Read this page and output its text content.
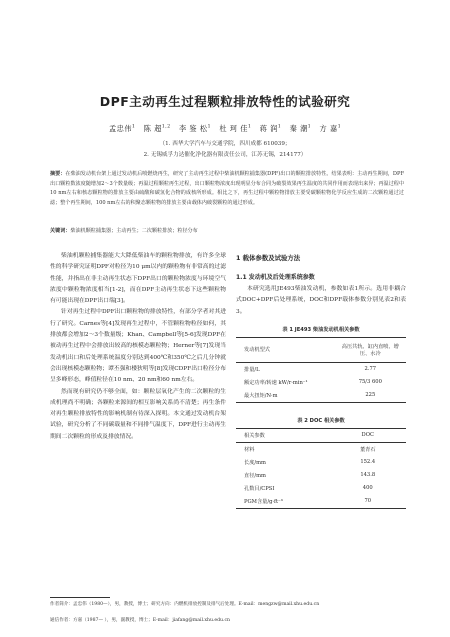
DPF主动再生过程颗粒排放特性的试验研究
孟忠伟$^1$ 陈 超$^{1,2}$ 李 鉴 松$^1$ 杜 珂 佳$^1$ 蒋 润$^1$ 秦 潮$^1$ 方 嘉$^1$
（1. 西华大学汽车与交通学院，四川成都 610039；
2. 无锡威孚力达催化净化器有限责任公司，江苏无锡，214177）
摘要：在柴油发动机台架上通过发动机后喷燃烧再生，研究了主动再生过程中柴油机颗粒捕集器(DPF)出口的颗粒排放特性。结果表明：主动再生期间，DPF出口颗粒数浓度随增加2～3个数量级；再温过程颗粒再生过程，出口颗粒物浓度出现明显分布合同为破裂效果再生温度的共同作用而表现出来异；再温过程中10 nm左右和核态颗粒物的排放主要由硫酸和碳氢化合物的成核所形成。相比之下，再生过程中颗粒物排放主要受碳颗粒物化学反应生成的二次颗粒通过过滤；整个再生期间，100 nm左右的积聚态颗粒物的排放主要由载体内破裂颗粒的通过形成。
关键词：柴油机颗粒捕集器；主动再生；二次颗粒排放；粒径分布

柴油机颗粒捕集器能大大降低柴油车的颗粒物排放，有许多全球性的科学研究证明DPF对粒径为10 μm以内的颗粒物有非常高的过滤性能，并指出在非主动再生状态下DPF出口的颗粒物浓度与环境空气浓度中颗粒物浓度相当[1-2]，而在DPF主动再生状态下这些颗粒物有可能出现在DPF出口端[3]。

针对再生过程中DPF出口颗粒物的排放特性，有部分学者对其进行了研究。Carnes等[4]发现再生过程中，不管颗粒物粒径如何，其排放都会增加2～3个数量级；Khan、Campbell等[5-6]发现DPF在被动再生过程中会排放出较高的核模态颗粒物；Herner等[7]发现当发动机出口和后处理系统温度分别达到400℃和350℃之后几分钟就会出现核模态颗粒物；谭丕强和楼狄明等[8]发现CDPF出口粒径分布呈多峰形态，峰值粒径在10 nm、20 nm和60 nm左右。

然而现有研究仍不够全面，如：颗粒层氧化产生的二次颗粒的生成机理尚不明确；各颗粒来源间的相互影响关系尚不清楚；再生条件对再生颗粒排放特性的影响机制有待深入探明。本文通过发动机台架试验，研究分析了不同碳载量和不同排气温度下，DPF进行主动再生期间二次颗粒的形成及排放情况。

1 载体参数及试验方法
1.1 发动机及后处理系统参数

本研究选用JE493柴油发动机，参数如表1所示。选用非耦合式DOC+DPF后处理系统，DOC和DPF载体参数分别见表2和表3。

表 1 JE493 柴油发动机相关参数
发动机型式	高压共轨、缸内直喷、增压、水冷
排量/L	2.77
额定功率/转速 kW/r·min⁻¹	75/3 600
最大扭矩/N·m	225
表 2 DOC 相关参数
相关参数	DOC
材料	董青石
长度/mm	152.4
直径/mm	143.8
孔数目/CPSI	400
PGM含量/g·ft⁻³	70
作者简介：孟忠伟（1980—），男，教授，博士；研究方向：内燃机排放控制及排气后处理。E-mail：mengzw@mail.xhu.edu.cn
通信作者：方嘉（1987— ），男，副教授，博士；E-mail：jiafang@mail.xhu.edu.cn
